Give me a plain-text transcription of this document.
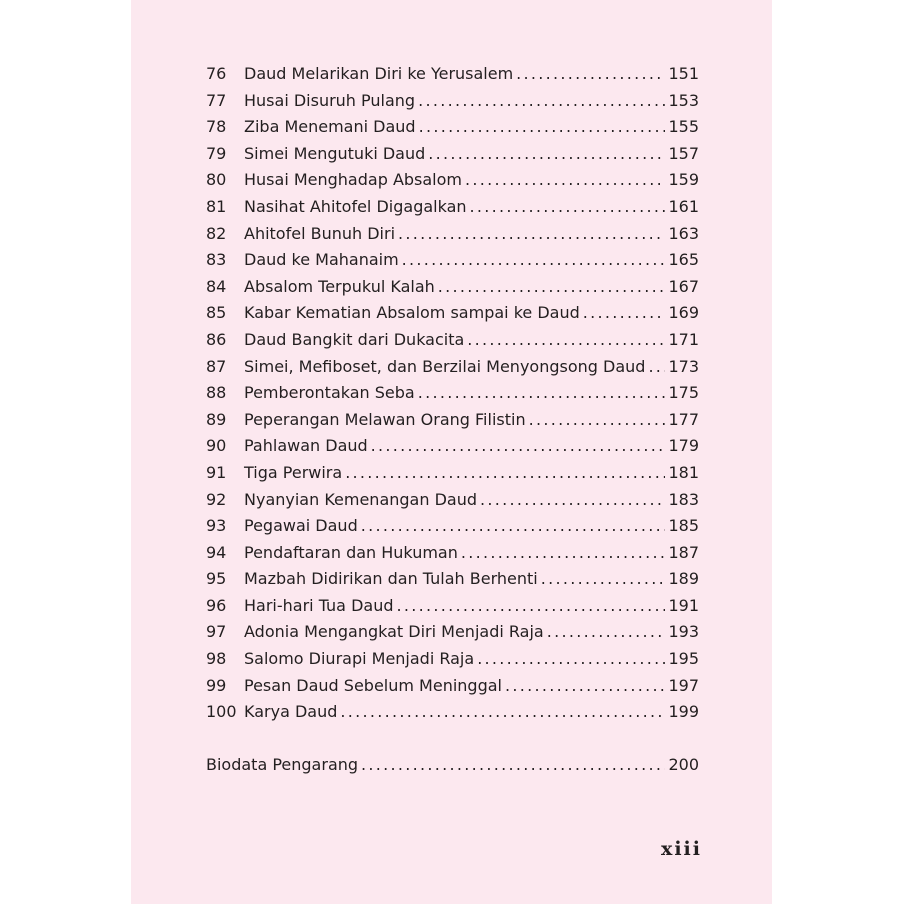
76	Daud Melarikan Diri ke Yerusalem . . .	151
77	Husai Disuruh Pulang . . .	153
78	Ziba Menemani Daud . . .	155
79	Simei Mengutuki Daud . . .	157
80	Husai Menghadap Absalom . . .	159
81	Nasihat Ahitofel Digagalkan . . .	161
82	Ahitofel Bunuh Diri . . .	163
83	Daud ke Mahanaim . . .	165
84	Absalom Terpukul Kalah . . .	167
85	Kabar Kematian Absalom sampai ke Daud . . .	169
86	Daud Bangkit dari Dukacita . . .	171
87	Simei, Mefiboset, dan Berzilai Menyongsong Daud . . . 173
88	Pemberontakan Seba . . .	175
89	Peperangan Melawan Orang Filistin . . .	177
90	Pahlawan Daud . . .	179
91	Tiga Perwira . . .	181
92	Nyanyian Kemenangan Daud . . .	183
93	Pegawai Daud . . .	185
94	Pendaftaran dan Hukuman . . .	187
95	Mazbah Didirikan dan Tulah Berhenti . . .	189
96	Hari-hari Tua Daud . . .	191
97	Adonia Mengangkat Diri Menjadi Raja . . .	193
98	Salomo Diurapi Menjadi Raja . . .	195
99	Pesan Daud Sebelum Meninggal . . .	197
100 Karya Daud . . .	199
Biodata Pengarang . . .	200
xiii
